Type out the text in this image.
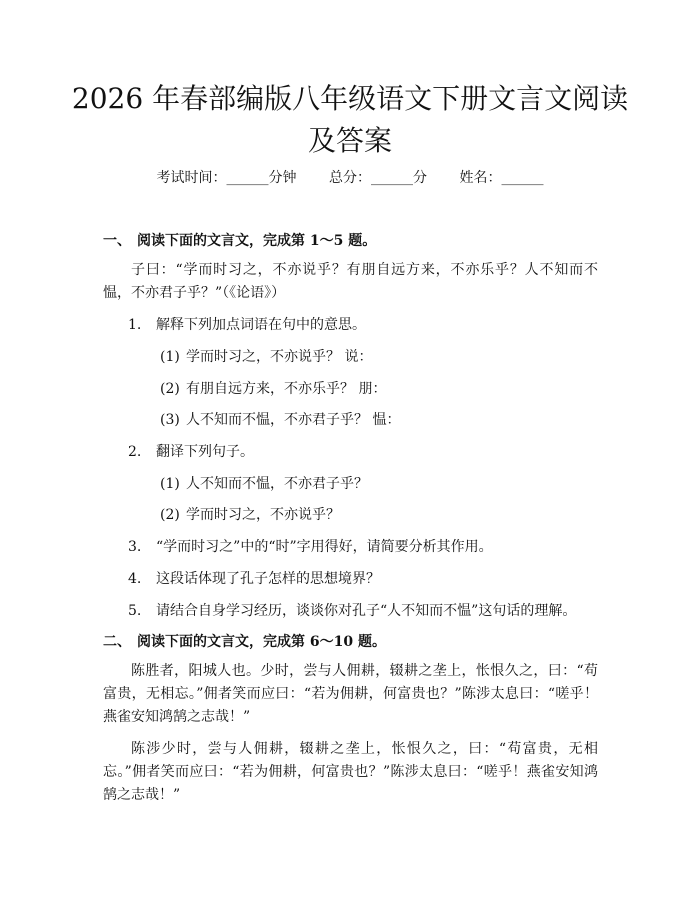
2026 年春部编版八年级语文下册文言文阅读及答案
考试时间：______分钟 总分：______分 姓名：______
一、 阅读下面的文言文，完成第 1～5 题。
子曰：“学而时习之，不亦说乎？有朋自远方来，不亦乐乎？人不知而不愠，不亦君子乎？”（《论语》）
1. 解释下列加点词语在句中的意思。
(1) 学而时习之，不亦说乎？ 说：
(2) 有朋自远方来，不亦乐乎？ 朋：
(3) 人不知而不愠，不亦君子乎？ 愠：
2. 翻译下列句子。
(1) 人不知而不愠，不亦君子乎？
(2) 学而时习之，不亦说乎？
3. “学而时习之”中的“时”字用得好，请简要分析其作用。
4. 这段话体现了孔子怎样的思想境界？
5. 请结合自身学习经历，谈谈你对孔子“人不知而不愠”这句话的理解。
二、 阅读下面的文言文，完成第 6～10 题。
陈胜者，阳城人也。少时，尝与人佣耕，辍耕之垄上，怅恨久之，曰：“苟富贵，无相忘。”佣者笑而应曰：“若为佣耕，何富贵也？”陈涉太息曰：“嗟乎！燕雀安知鸿鹄之志哉！”
陈涉少时，尝与人佣耕，辍耕之垄上，怅恨久之，曰：“苟富贵，无相忘。”佣者笑而应曰：“若为佣耕，何富贵也？”陈涉太息曰：“嗟乎！燕雀安知鸿鹄之志哉！”
